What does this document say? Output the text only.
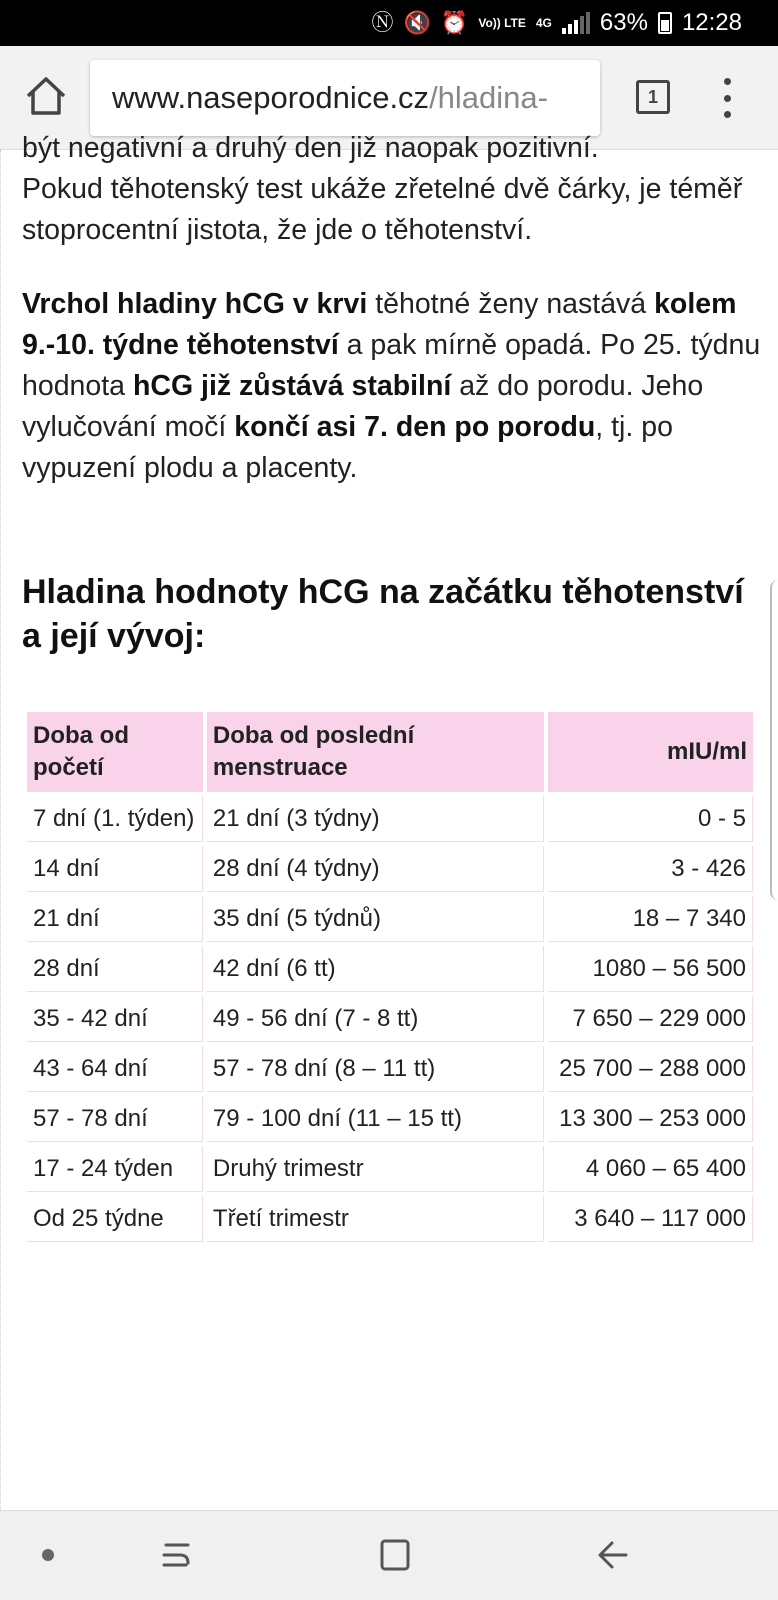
Ⓝ 🔇 ⏰ Vo)) LTE 4G 63% 12:28
www.naseporodnice.cz/hladina-	1
být negativní a druhý den již naopak pozitivní.
Pokud těhotenský test ukáže zřetelné dvě čárky, je téměř stoprocentní jistota, že jde o těhotenství.
Vrchol hladiny hCG v krvi těhotné ženy nastává kolem 9.-10. týdne těhotenství a pak mírně opadá. Po 25. týdnu hodnota hCG již zůstává stabilní až do porodu. Jeho vylučování močí končí asi 7. den po porodu, tj. po vypuzení plodu a placenty.
Hladina hodnoty hCG na začátku těhotenství a její vývoj:
Doba od početí	Doba od poslední menstruace	mIU/ml
7 dní (1. týden)	21 dní (3 týdny)	0 - 5
14 dní	28 dní (4 týdny)	3 - 426
21 dní	35 dní (5 týdnů)	18 – 7 340
28 dní	42 dní (6 tt)	1080 – 56 500
35 - 42 dní	49 - 56 dní (7 - 8 tt)	7 650 – 229 000
43 - 64 dní	57 - 78 dní (8 – 11 tt)	25 700 – 288 000
57 - 78 dní	79 - 100 dní (11 – 15 tt)	13 300 – 253 000
17 - 24 týden	Druhý trimestr	4 060 – 65 400
Od 25 týdne	Třetí trimestr	3 640 – 117 000
